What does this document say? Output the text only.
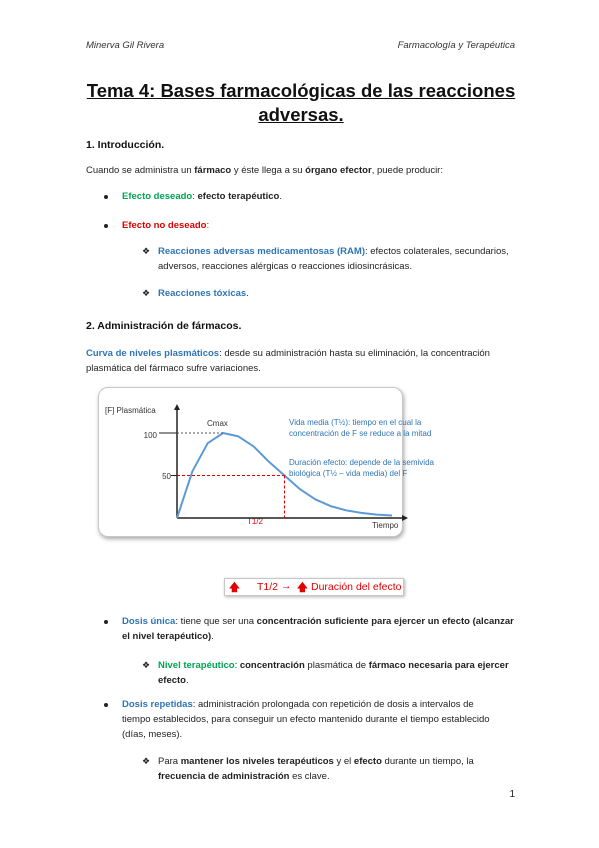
Minerva Gil Rivera	Farmacología y Terapéutica
Tema 4: Bases farmacológicas de las reacciones
adversas.
1. Introducción.
Cuando se administra un fármaco y éste llega a su órgano efector, puede producir:
Efecto deseado: efecto terapéutico.
Efecto no deseado:
❖ Reacciones adversas medicamentosas (RAM): efectos colaterales, secundarios,
adversos, reacciones alérgicas o reacciones idiosincrásicas.
❖ Reacciones tóxicas.
2. Administración de fármacos.
Curva de niveles plasmáticos: desde su administración hasta su eliminación, la concentración
plasmática del fármaco sufre variaciones.
[F] Plasmática
Tiempo
Cmax
100
50
T1/2
Vida media (T½): tiempo en el cual la
concentración de F se reduce a la mitad
Duración efecto: depende de la semivida
biológica (T½ – vida media) del F
🡅 T1/2 → 🡅 Duración del efecto
Dosis única: tiene que ser una concentración suficiente para ejercer un efecto (alcanzar
el nivel terapéutico).
❖ Nivel terapéutico: concentración plasmática de fármaco necesaria para ejercer
efecto.
Dosis repetidas: administración prolongada con repetición de dosis a intervalos de
tiempo establecidos, para conseguir un efecto mantenido durante el tiempo establecido
(días, meses).
❖ Para mantener los niveles terapéuticos y el efecto durante un tiempo, la
frecuencia de administración es clave.
1
